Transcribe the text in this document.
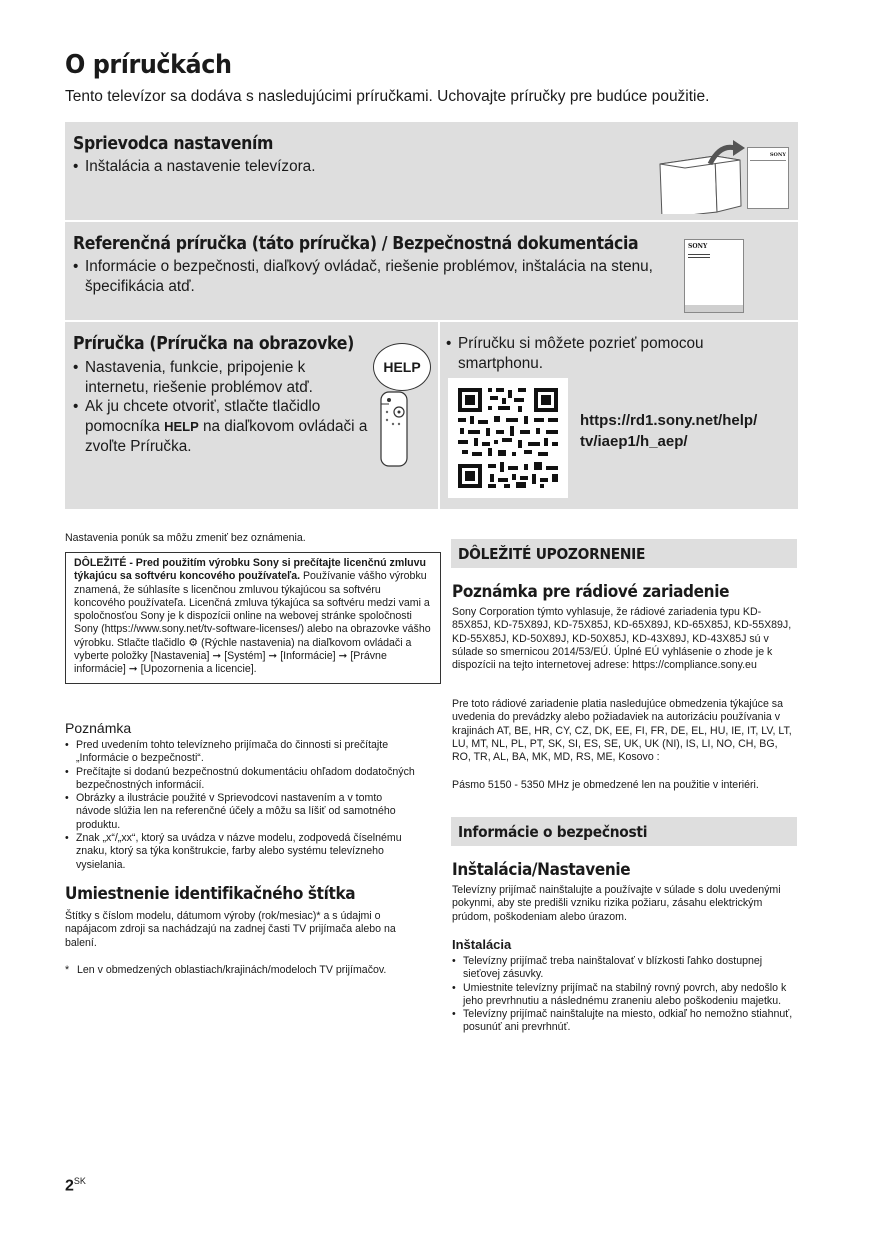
O príručkách
Tento televízor sa dodáva s nasledujúcimi príručkami. Uchovajte príručky pre budúce použitie.
Sprievodca nastavením
• Inštalácia a nastavenie televízora.
SONY
Referenčná príručka (táto príručka) / Bezpečnostná dokumentácia
• Informácie o bezpečnosti, diaľkový ovládač, riešenie problémov, inštalácia na stenu, špecifikácia atď.
SONY
Príručka (Príručka na obrazovke)
• Nastavenia, funkcie, pripojenie k internetu, riešenie problémov atď.
• Ak ju chcete otvoriť, stlačte tlačidlo pomocníka HELP na diaľkovom ovládači a zvoľte Príručka.
HELP
• Príručku si môžete pozrieť pomocou smartphonu.
https://rd1.sony.net/help/
tv/iaep1/h_aep/
Nastavenia ponúk sa môžu zmeniť bez oznámenia.
DÔLEŽITÉ - Pred použitím výrobku Sony si prečítajte licenčnú zmluvu týkajúcu sa softvéru koncového používateľa. Používanie vášho výrobku znamená, že súhlasíte s licenčnou zmluvou týkajúcou sa softvéru koncového používateľa. Licenčná zmluva týkajúca sa softvéru medzi vami a spoločnosťou Sony je k dispozícii online na webovej stránke spoločnosti Sony (https://www.sony.net/tv-software-licenses/) alebo na obrazovke vášho výrobku. Stlačte tlačidlo ⚙ (Rýchle nastavenia) na diaľkovom ovládači a vyberte položky [Nastavenia] ➞ [Systém] ➞ [Informácie] ➞ [Právne informácie] ➞ [Upozornenia a licencie].
Poznámka
• Pred uvedením tohto televízneho prijímača do činnosti si prečítajte „Informácie o bezpečnosti“.
• Prečítajte si dodanú bezpečnostnú dokumentáciu ohľadom dodatočných bezpečnostných informácií.
• Obrázky a ilustrácie použité v Sprievodcovi nastavením a v tomto návode slúžia len na referenčné účely a môžu sa líšiť od samotného produktu.
• Znak „x“/„xx“, ktorý sa uvádza v názve modelu, zodpovedá číselnému znaku, ktorý sa týka konštrukcie, farby alebo systému televízneho vysielania.
Umiestnenie identifikačného štítka
Štítky s číslom modelu, dátumom výroby (rok/mesiac)* a s údajmi o napájacom zdroji sa nachádzajú na zadnej časti TV prijímača alebo na balení.
* Len v obmedzených oblastiach/krajinách/modeloch TV prijímačov.
DÔLEŽITÉ UPOZORNENIE
Poznámka pre rádiové zariadenie
Sony Corporation týmto vyhlasuje, že rádiové zariadenia typu KD-85X85J, KD-75X89J, KD-75X85J, KD-65X89J, KD-65X85J, KD-55X89J, KD-55X85J, KD-50X89J, KD-50X85J, KD-43X89J, KD-43X85J sú v súlade so smernicou 2014/53/EÚ. Úplné EÚ vyhlásenie o zhode je k dispozícii na tejto internetovej adrese: https://compliance.sony.eu
Pre toto rádiové zariadenie platia nasledujúce obmedzenia týkajúce sa uvedenia do prevádzky alebo požiadaviek na autorizáciu používania v krajinách AT, BE, HR, CY, CZ, DK, EE, FI, FR, DE, EL, HU, IE, IT, LV, LT, LU, MT, NL, PL, PT, SK, SI, ES, SE, UK, UK (NI), IS, LI, NO, CH, BG, RO, TR, AL, BA, MK, MD, RS, ME, Kosovo :
Pásmo 5150 - 5350 MHz je obmedzené len na použitie v interiéri.
Informácie o bezpečnosti
Inštalácia/Nastavenie
Televízny prijímač nainštalujte a používajte v súlade s dolu uvedenými pokynmi, aby ste predišli vzniku rizika požiaru, zásahu elektrickým prúdom, poškodeniam alebo úrazom.
Inštalácia
• Televízny prijímač treba nainštalovať v blízkosti ľahko dostupnej sieťovej zásuvky.
• Umiestnite televízny prijímač na stabilný rovný povrch, aby nedošlo k jeho prevrhnutiu a následnému zraneniu alebo poškodeniu majetku.
• Televízny prijímač nainštalujte na miesto, odkiaľ ho nemožno stiahnuť, posunúť ani prevrhnúť.
$2^{SK}$
